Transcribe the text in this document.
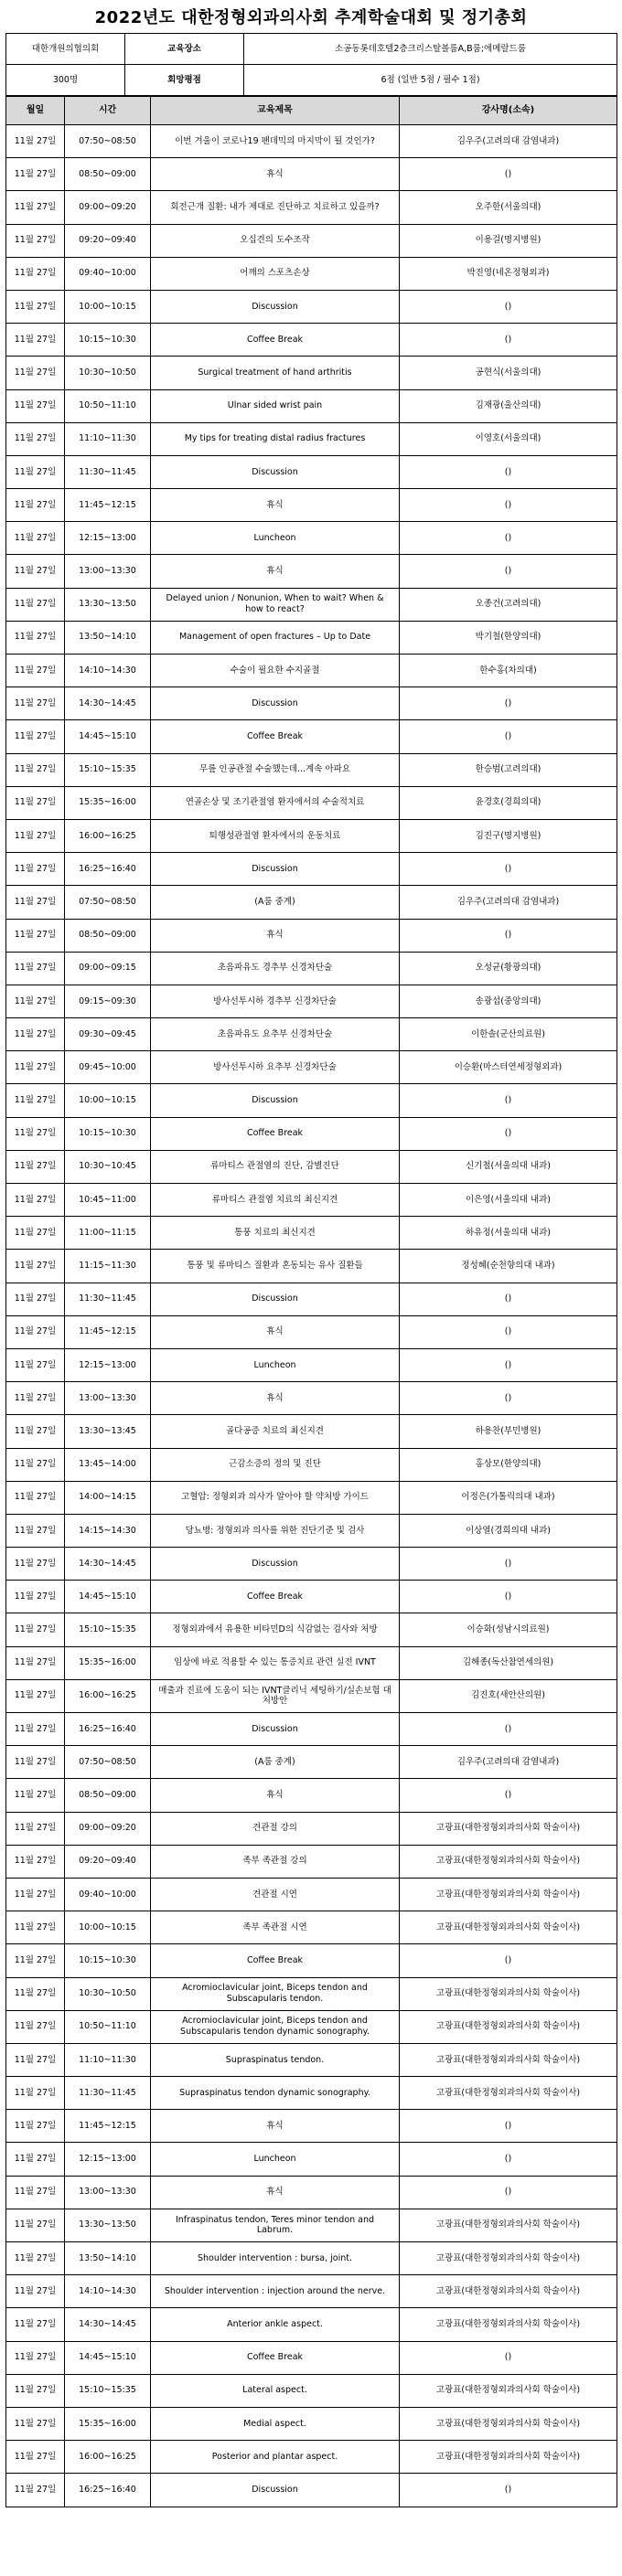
2022년도 대한정형외과의사회 추계학술대회 및 정기총회
대한개원의협의회	교육장소	소공동롯데호텔2층크리스탈볼룸A,B룸;에메랄드룸
300명	회망평점	6점 (일반 5점 / 필수 1점)
월일	시간	교육제목	강사명(소속)
11월 27일	07:50~08:50	이번 겨울이 코로나19 팬데믹의 마지막이 될 것인가?	김우주(고려의대 감염내과)
11월 27일	08:50~09:00	휴식	()
11월 27일	09:00~09:20	회전근개 질환: 내가 제대로 진단하고 치료하고 있을까?	오주한(서울의대)
11월 27일	09:20~09:40	오십견의 도수조작	이용걸(명지병원)
11월 27일	09:40~10:00	어깨의 스포츠손상	박진영(네온정형외과)
11월 27일	10:00~10:15	Discussion	()
11월 27일	10:15~10:30	Coffee Break	()
11월 27일	10:30~10:50	Surgical treatment of hand arthritis	공현식(서울의대)
11월 27일	10:50~11:10	Ulnar sided wrist pain	김재광(울산의대)
11월 27일	11:10~11:30	My tips for treating distal radius fractures	이영호(서울의대)
11월 27일	11:30~11:45	Discussion	()
11월 27일	11:45~12:15	휴식	()
11월 27일	12:15~13:00	Luncheon	()
11월 27일	13:00~13:30	휴식	()
11월 27일	13:30~13:50	Delayed union / Nonunion, When to wait? When & how to react?	오종건(고려의대)
11월 27일	13:50~14:10	Management of open fractures – Up to Date	박기철(한양의대)
11월 27일	14:10~14:30	수술이 필요한 수지골절	한수홍(차의대)
11월 27일	14:30~14:45	Discussion	()
11월 27일	14:45~15:10	Coffee Break	()
11월 27일	15:10~15:35	무릎 인공관절 수술했는데...계속 아파요	한승범(고려의대)
11월 27일	15:35~16:00	연골손상 및 조기관절염 환자에서의 수술적치료	윤경호(경희의대)
11월 27일	16:00~16:25	퇴행성관절염 환자에서의 운동치료	김진구(명지병원)
11월 27일	16:25~16:40	Discussion	()
11월 27일	07:50~08:50	(A룸 중계)	김우주(고려의대 감염내과)
11월 27일	08:50~09:00	휴식	()
11월 27일	09:00~09:15	초음파유도 경추부 신경차단술	오성균(황광의대)
11월 27일	09:15~09:30	방사선투시하 경추부 신경차단술	송광섭(중앙의대)
11월 27일	09:30~09:45	초음파유도 요추부 신경차단술	이한솔(군산의료원)
11월 27일	09:45~10:00	방사선투시하 요추부 신경차단술	이승환(마스터연세정형외과)
11월 27일	10:00~10:15	Discussion	()
11월 27일	10:15~10:30	Coffee Break	()
11월 27일	10:30~10:45	류마티스 관절염의 진단, 감별진단	신기철(서울의대 내과)
11월 27일	10:45~11:00	류마티스 관절염 치료의 최신지견	이은영(서울의대 내과)
11월 27일	11:00~11:15	통풍 치료의 최신지견	하유정(서울의대 내과)
11월 27일	11:15~11:30	통풍 및 류마티스 질환과 혼동되는 유사 질환들	정성혜(순천향의대 내과)
11월 27일	11:30~11:45	Discussion	()
11월 27일	11:45~12:15	휴식	()
11월 27일	12:15~13:00	Luncheon	()
11월 27일	13:00~13:30	휴식	()
11월 27일	13:30~13:45	골다공증 치료의 최신지견	하용찬(부민병원)
11월 27일	13:45~14:00	근감소증의 정의 및 진단	홍상모(한양의대)
11월 27일	14:00~14:15	고혈압: 정형외과 의사가 알아야 할 약처방 가이드	이정은(가톨릭의대 내과)
11월 27일	14:15~14:30	당뇨병: 정형외과 의사를 위한 진단기준 및 검사	이상열(경희의대 내과)
11월 27일	14:30~14:45	Discussion	()
11월 27일	14:45~15:10	Coffee Break	()
11월 27일	15:10~15:35	정형외과에서 유용한 비타민D의 식감없는 검사와 처방	이승화(성남시의료원)
11월 27일	15:35~16:00	임상에 바로 적용할 수 있는 통증치료 관련 실전 IVNT	김해종(독산참연세의원)
11월 27일	16:00~16:25	매출과 진료에 도움이 되는 IVNT클리닉 세팅하기/실손보험 대처방안	김진호(새안산의원)
11월 27일	16:25~16:40	Discussion	()
11월 27일	07:50~08:50	(A룸 중계)	김우주(고려의대 감염내과)
11월 27일	08:50~09:00	휴식	()
11월 27일	09:00~09:20	견관절 강의	고광표(대한정형외과의사회 학술이사)
11월 27일	09:20~09:40	족부 족관절 강의	고광표(대한정형외과의사회 학술이사)
11월 27일	09:40~10:00	견관절 시연	고광표(대한정형외과의사회 학술이사)
11월 27일	10:00~10:15	족부 족관절 시연	고광표(대한정형외과의사회 학술이사)
11월 27일	10:15~10:30	Coffee Break	()
11월 27일	10:30~10:50	Acromioclavicular joint, Biceps tendon and Subscapularis tendon.	고광표(대한정형외과의사회 학술이사)
11월 27일	10:50~11:10	Acromioclavicular joint, Biceps tendon and Subscapularis tendon dynamic sonography.	고광표(대한정형외과의사회 학술이사)
11월 27일	11:10~11:30	Supraspinatus tendon.	고광표(대한정형외과의사회 학술이사)
11월 27일	11:30~11:45	Supraspinatus tendon dynamic sonography.	고광표(대한정형외과의사회 학술이사)
11월 27일	11:45~12:15	휴식	()
11월 27일	12:15~13:00	Luncheon	()
11월 27일	13:00~13:30	휴식	()
11월 27일	13:30~13:50	Infraspinatus tendon, Teres minor tendon and Labrum.	고광표(대한정형외과의사회 학술이사)
11월 27일	13:50~14:10	Shoulder intervention : bursa, joint.	고광표(대한정형외과의사회 학술이사)
11월 27일	14:10~14:30	Shoulder intervention : injection around the nerve.	고광표(대한정형외과의사회 학술이사)
11월 27일	14:30~14:45	Anterior ankle aspect.	고광표(대한정형외과의사회 학술이사)
11월 27일	14:45~15:10	Coffee Break	()
11월 27일	15:10~15:35	Lateral aspect.	고광표(대한정형외과의사회 학술이사)
11월 27일	15:35~16:00	Medial aspect.	고광표(대한정형외과의사회 학술이사)
11월 27일	16:00~16:25	Posterior and plantar aspect.	고광표(대한정형외과의사회 학술이사)
11월 27일	16:25~16:40	Discussion	()
